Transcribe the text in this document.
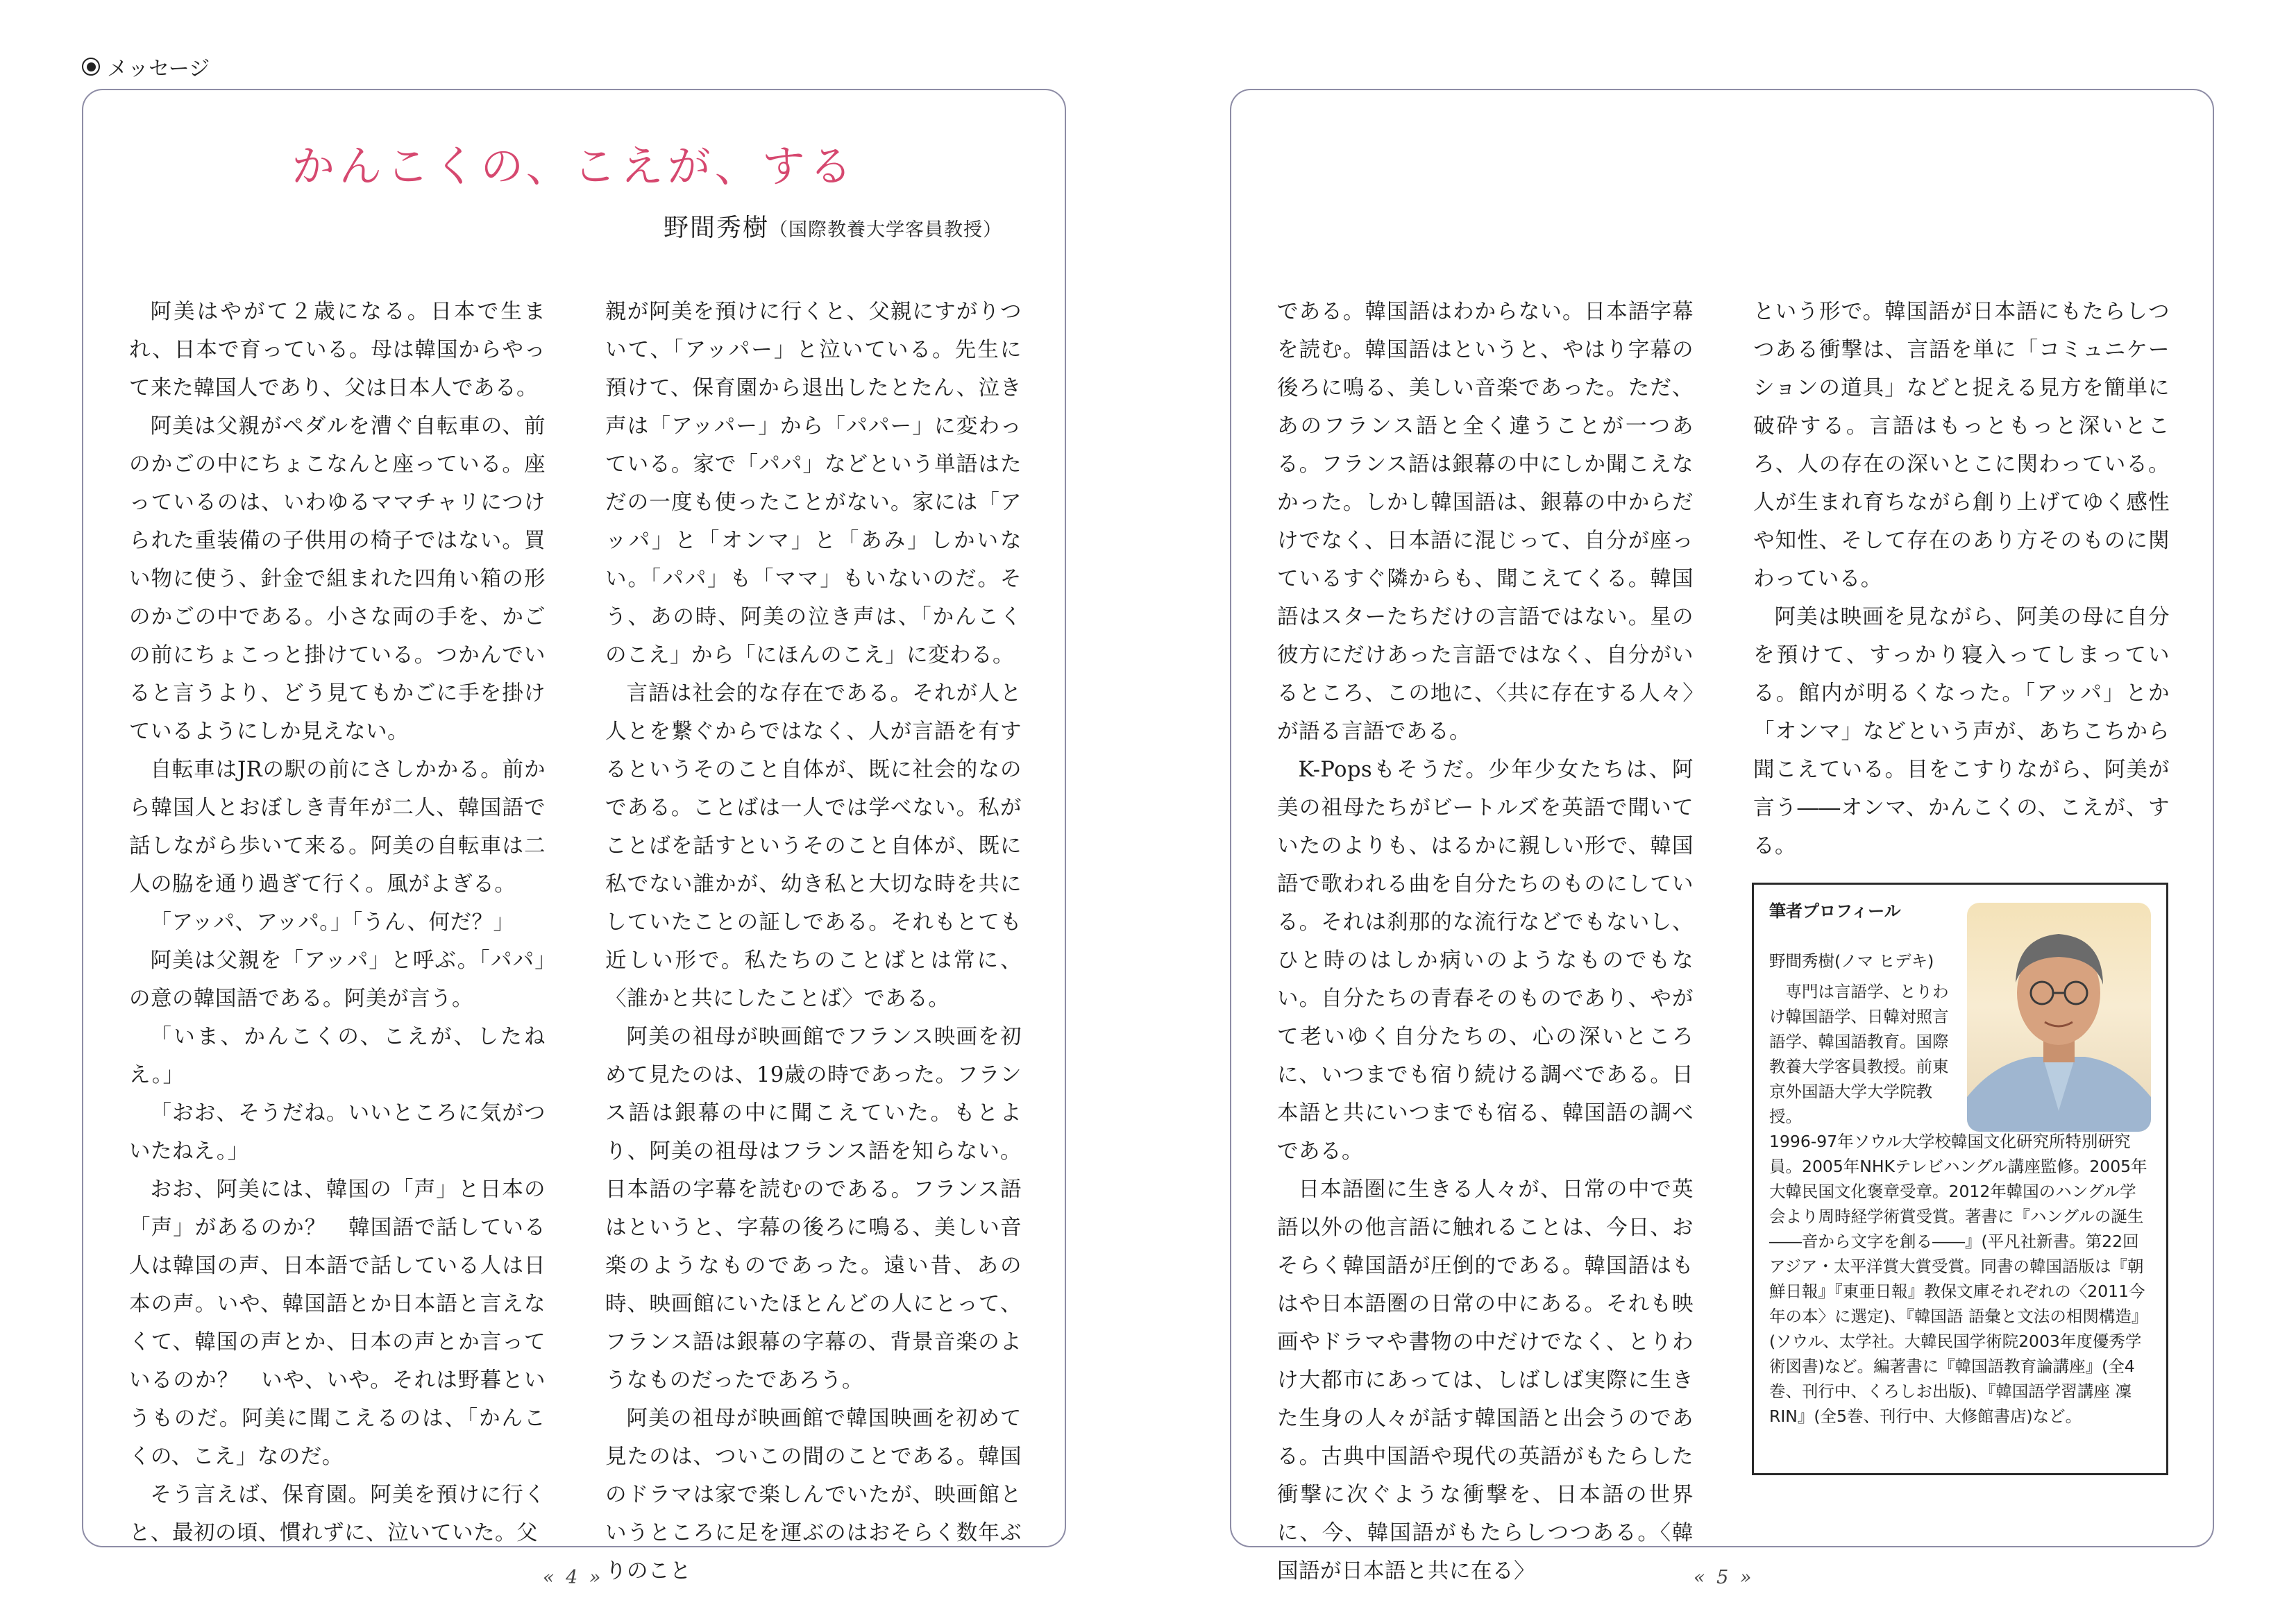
メッセージ
かんこくの、こえが、する
野間秀樹（国際教養大学客員教授）

阿美はやがて２歳になる。日本で生まれ、日本で育っている。母は韓国からやって来た韓国人であり、父は日本人である。

阿美は父親がペダルを漕ぐ自転車の、前のかごの中にちょこなんと座っている。座っているのは、いわゆるママチャリにつけられた重装備の子供用の椅子ではない。買い物に使う、針金で組まれた四角い箱の形のかごの中である。小さな両の手を、かごの前にちょこっと掛けている。つかんでいると言うより、どう見てもかごに手を掛けているようにしか見えない。

自転車はJRの駅の前にさしかかる。前から韓国人とおぼしき青年が二人、韓国語で話しながら歩いて来る。阿美の自転車は二人の脇を通り過ぎて行く。風がよぎる。

「アッパ、アッパ。」「うん、何だ？」

阿美は父親を「アッパ」と呼ぶ。「パパ」の意の韓国語である。阿美が言う。

「いま、かんこくの、こえが、したねえ。」

「おお、そうだね。いいところに気がついたねえ。」

おお、阿美には、韓国の「声」と日本の「声」があるのか？　韓国語で話している人は韓国の声、日本語で話している人は日本の声。いや、韓国語とか日本語と言えなくて、韓国の声とか、日本の声とか言っているのか？　いや、いや。それは野暮というものだ。阿美に聞こえるのは、「かんこくの、こえ」なのだ。

そう言えば、保育園。阿美を預けに行くと、最初の頃、慣れずに、泣いていた。父

親が阿美を預けに行くと、父親にすがりついて、「アッパー」と泣いている。先生に預けて、保育園から退出したとたん、泣き声は「アッパー」から「パパー」に変わっている。家で「パパ」などという単語はただの一度も使ったことがない。家には「アッパ」と「オンマ」と「あみ」しかいない。「パパ」も「ママ」もいないのだ。そう、あの時、阿美の泣き声は、「かんこくのこえ」から「にほんのこえ」に変わる。

言語は社会的な存在である。それが人と人とを繋ぐからではなく、人が言語を有するというそのこと自体が、既に社会的なのである。ことばは一人では学べない。私がことばを話すというそのこと自体が、既に私でない誰かが、幼き私と大切な時を共にしていたことの証しである。それもとても近しい形で。私たちのことばとは常に、〈誰かと共にしたことば〉である。

阿美の祖母が映画館でフランス映画を初めて見たのは、19歳の時であった。フランス語は銀幕の中に聞こえていた。もとより、阿美の祖母はフランス語を知らない。日本語の字幕を読むのである。フランス語はというと、字幕の後ろに鳴る、美しい音楽のようなものであった。遠い昔、あの時、映画館にいたほとんどの人にとって、フランス語は銀幕の字幕の、背景音楽のようなものだったであろう。

阿美の祖母が映画館で韓国映画を初めて見たのは、ついこの間のことである。韓国のドラマは家で楽しんでいたが、映画館というところに足を運ぶのはおそらく数年ぶりのこと

である。韓国語はわからない。日本語字幕を読む。韓国語はというと、やはり字幕の後ろに鳴る、美しい音楽であった。ただ、あのフランス語と全く違うことが一つある。フランス語は銀幕の中にしか聞こえなかった。しかし韓国語は、銀幕の中からだけでなく、日本語に混じって、自分が座っているすぐ隣からも、聞こえてくる。韓国語はスターたちだけの言語ではない。星の彼方にだけあった言語ではなく、自分がいるところ、この地に、〈共に存在する人々〉が語る言語である。

K-Popsもそうだ。少年少女たちは、阿美の祖母たちがビートルズを英語で聞いていたのよりも、はるかに親しい形で、韓国語で歌われる曲を自分たちのものにしている。それは刹那的な流行などでもないし、ひと時のはしか病いのようなものでもない。自分たちの青春そのものであり、やがて老いゆく自分たちの、心の深いところに、いつまでも宿り続ける調べである。日本語と共にいつまでも宿る、韓国語の調べである。

日本語圏に生きる人々が、日常の中で英語以外の他言語に触れることは、今日、おそらく韓国語が圧倒的である。韓国語はもはや日本語圏の日常の中にある。それも映画やドラマや書物の中だけでなく、とりわけ大都市にあっては、しばしば実際に生きた生身の人々が話す韓国語と出会うのである。古典中国語や現代の英語がもたらした衝撃に次ぐような衝撃を、日本語の世界に、今、韓国語がもたらしつつある。〈韓国語が日本語と共に在る〉

という形で。韓国語が日本語にもたらしつつある衝撃は、言語を単に「コミュニケーションの道具」などと捉える見方を簡単に破砕する。言語はもっともっと深いところ、人の存在の深いとこに関わっている。人が生まれ育ちながら創り上げてゆく感性や知性、そして存在のあり方そのものに関わっている。

阿美は映画を見ながら、阿美の母に自分を預けて、すっかり寝入ってしまっている。館内が明るくなった。「アッパ」とか「オンマ」などという声が、あちこちから聞こえている。目をこすりながら、阿美が言う――オンマ、かんこくの、こえが、する。

筆者プロフィール
野間秀樹(ノマ ヒデキ)

専門は言語学、とりわけ韓国語学、日韓対照言語学、韓国語教育。国際教養大学客員教授。前東京外国語大学大学院教授。

1996-97年ソウル大学校韓国文化研究所特別研究員。2005年NHKテレビハングル講座監修。2005年大韓民国文化褒章受章。2012年韓国のハングル学会より周時経学術賞受賞。著書に『ハングルの誕生――音から文字を創る――』(平凡社新書。第22回アジア・太平洋賞大賞受賞。同書の韓国語版は『朝鮮日報』『東亜日報』教保文庫それぞれの〈2011今年の本〉に選定)、『韓国語 語彙と文法の相関構造』(ソウル、太学社。大韓民国学術院2003年度優秀学術図書)など。編著書に『韓国語教育論講座』(全4巻、刊行中、くろしお出版)、『韓国語学習講座 凜 RIN』(全5巻、刊行中、大修館書店)など。

« 4 »	« 5 »
